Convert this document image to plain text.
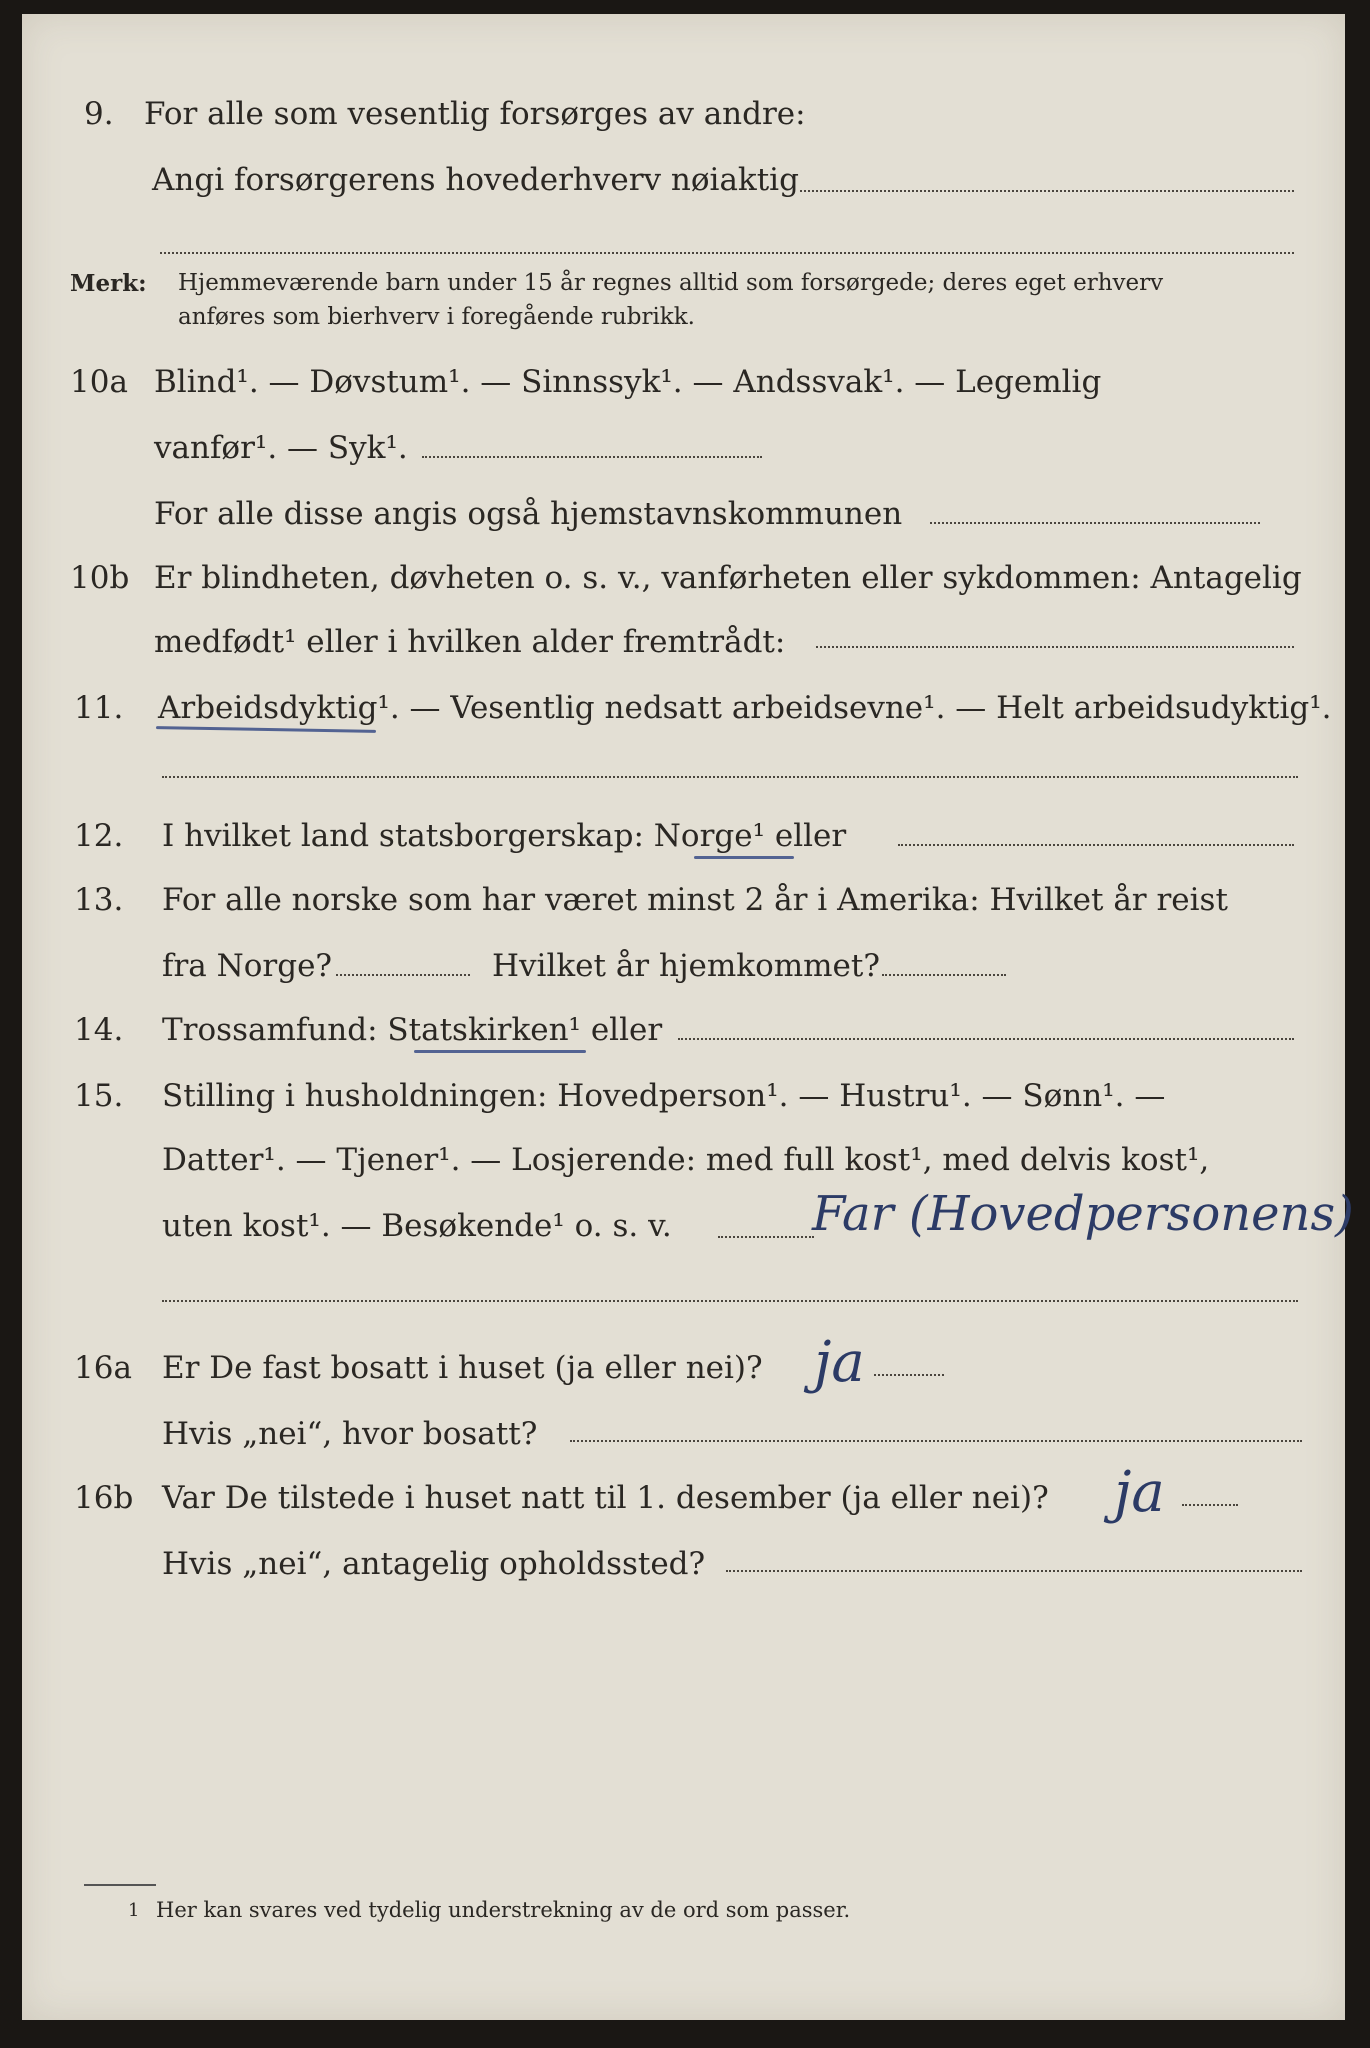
9. For alle som vesentlig forsørges av andre:
Angi forsørgerens hovederhverv nøiaktig
Merk: Hjemmeværende barn under 15 år regnes alltid som forsørgede; deres eget erhverv
anføres som bierhverv i foregående rubrikk.
10a Blind¹. — Døvstum¹. — Sinnssyk¹. — Andssvak¹. — Legemlig
vanfør¹. — Syk¹.
For alle disse angis også hjemstavnskommunen
10b Er blindheten, døvheten o. s. v., vanførheten eller sykdommen: Antagelig
medfødt¹ eller i hvilken alder fremtrådt:
11. Arbeidsdyktig¹. — Vesentlig nedsatt arbeidsevne¹. — Helt arbeidsudyktig¹.
12. I hvilket land statsborgerskap: Norge¹ eller
13. For alle norske som har været minst 2 år i Amerika: Hvilket år reist
fra Norge?	Hvilket år hjemkommet?
14. Trossamfund: Statskirken¹ eller
15. Stilling i husholdningen: Hovedperson¹. — Hustru¹. — Sønn¹. —
Datter¹. — Tjener¹. — Losjerende: med full kost¹, med delvis kost¹,
uten kost¹. — Besøkende¹ o. s. v.	Far (Hovedpersonens)
16a Er De fast bosatt i huset (ja eller nei)? ja
Hvis „nei“, hvor bosatt?
16b Var De tilstede i huset natt til 1. desember (ja eller nei)? ja
Hvis „nei“, antagelig opholdssted?
1 Her kan svares ved tydelig understrekning av de ord som passer.
